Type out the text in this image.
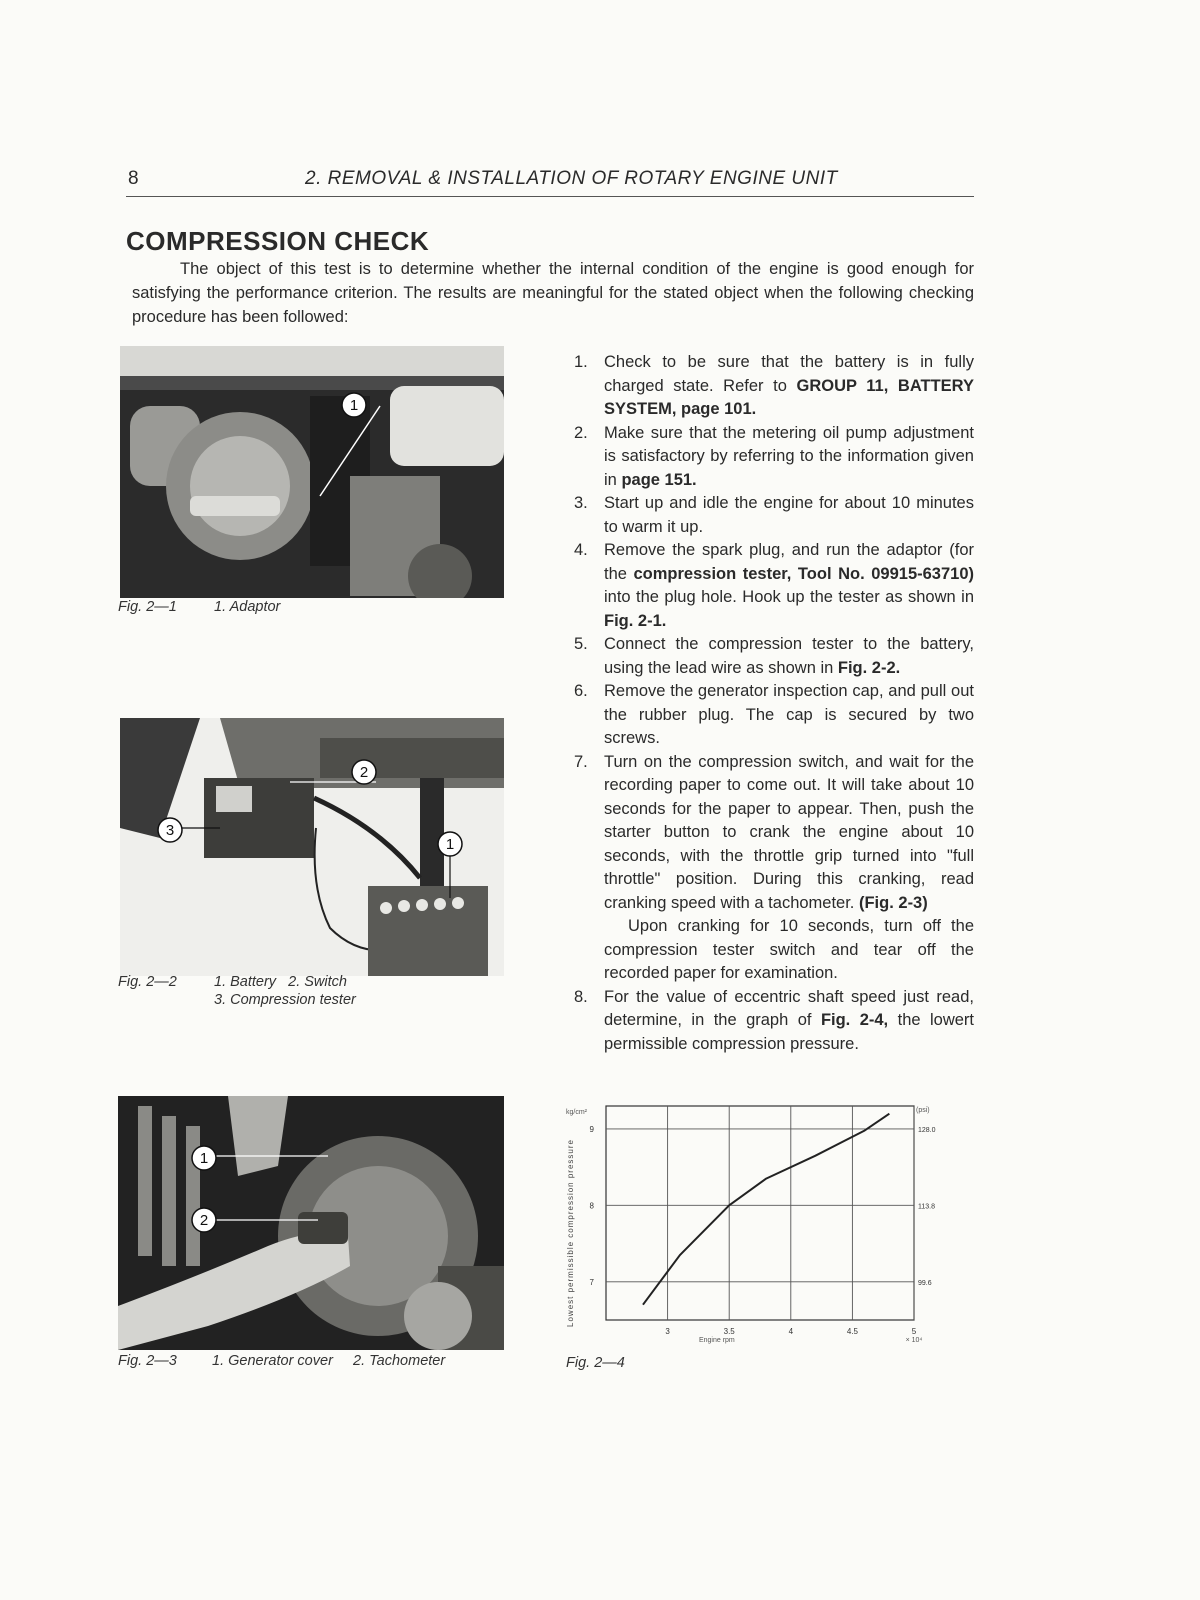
8	2. REMOVAL & INSTALLATION OF ROTARY ENGINE UNIT
COMPRESSION CHECK
The object of this test is to determine whether the internal condition of the engine is good enough for satisfying the performance criterion. The results are meaningful for the stated object when the following checking procedure has been followed:
1
Fig. 2—1	1. Adaptor
2
3
1
Fig. 2—2	1. Battery   2. Switch
3. Compression tester
1
2
Fig. 2—3 1. Generator cover     2. Tachometer
1. Check to be sure that the battery is in fully charged state. Refer to GROUP 11, BATTERY SYSTEM, page 101.
2. Make sure that the metering oil pump adjustment is satisfactory by referring to the information given in page 151.
3. Start up and idle the engine for about 10 minutes to warm it up.
4. Remove the spark plug, and run the adaptor (for the compression tester, Tool No. 09915-63710) into the plug hole. Hook up the tester as shown in Fig. 2-1.
5. Connect the compression tester to the battery, using the lead wire as shown in Fig. 2-2.
6. Remove the generator inspection cap, and pull out the rubber plug. The cap is secured by two screws.
7. Turn on the compression switch, and wait for the recording paper to come out. It will take about 10 seconds for the paper to appear. Then, push the starter button to crank the engine about 10 seconds, with the throttle grip turned into "full throttle" position. During this cranking, read cranking speed with a tachometer. (Fig. 2-3)
Upon cranking for 10 seconds, turn off the compression tester switch and tear off the recorded paper for examination.
8. For the value of eccentric shaft speed just read, determine, in the graph of Fig. 2-4, the lowert permissible compression pressure.
3	3.5	4	4.5	5
7	99.6
8	113.8
9	128.0
kg/cm²	(psi)
Lowest permissible compression pressure
Engine rpm	× 10⁴
Fig. 2—4
